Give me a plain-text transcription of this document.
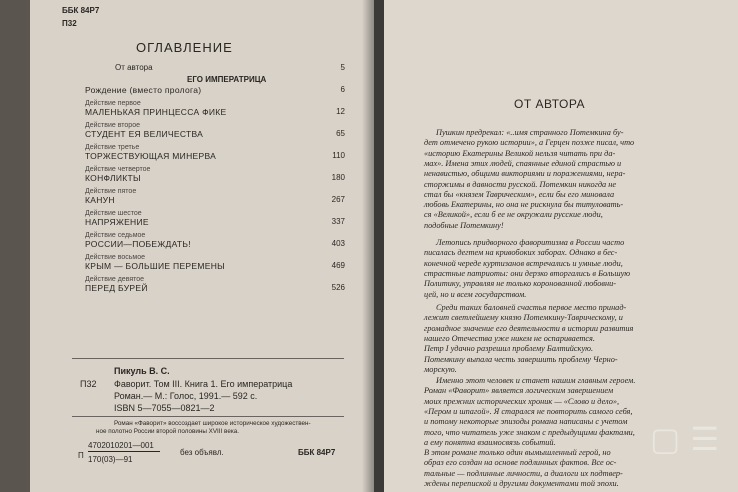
ББК 84Р7
П32
ОГЛАВЛЕНИЕ
От автора	5
ЕГО ИМПЕРАТРИЦА
Рождение (вместо пролога)	6
Действие первое
МАЛЕНЬКАЯ ПРИНЦЕССА ФИКЕ	12
Действие второе
СТУДЕНТ ЕЯ ВЕЛИЧЕСТВА	65
Действие третье
ТОРЖЕСТВУЮЩАЯ МИНЕРВА	110
Действие четвертое
КОНФЛИКТЫ	180
Действие пятое
КАНУН	267
Действие шестое
НАПРЯЖЕНИЕ	337
Действие седьмое
РОССИИ—ПОБЕЖДАТЬ!	403
Действие восьмое
КРЫМ — БОЛЬШИЕ ПЕРЕМЕНЫ	469
Действие девятое
ПЕРЕД БУРЕЙ	526
Пикуль В. С.
П32 Фаворит. Том III. Книга 1. Его императрица
Роман.— М.: Голос, 1991.— 592 с.
ISBN 5—7055—0821—2
Роман «Фаворит» воссоздает широкое историческое художествен-
ное полотно России второй половины XVIII века.
П
4702010201—001
170(03)—91
без объявл.	ББК 84Р7
ОТ АВТОРА
Пушкин предрекал: «..имя странного Потемкина бу-
дет отмечено рукою истории», а Герцен позже писал, что
«историю Екатерины Великой нельзя читать при да-
мах». Имена этих людей, спаянные единой страстью и
ненавистью, общими викториями и поражениями, нера-
сторжимы в давности русской. Потемкин никогда не
стал бы «князем Таврическим», если бы его миновала
любовь Екатерины, но она не рискнула бы титуловать-
ся «Великой», если б ее не окружали русские люди,
подобные Потемкину!
Летопись придворного фаворитизма в России часто
писалась дегтем на кривобоких заборах. Однако в бес-
конечной череде куртизанов встречались и умные люди,
страстные патриоты: они дерзко вторгались в Большую
Политику, управляя не только коронованной любовни-
цей, но и всем государством.
Среди таких баловней счастья первое место принад-
лежит светлейшему князю Потемкину-Таврическому, и
громадное значение его деятельности в истории развития
нашего Отечества уже никем не оспаривается.
Петр I удачно разрешил проблему Балтийскую.
Потемкину выпала честь завершить проблему Черно-
морскую.
Именно этот человек и станет нашим главным героем.
Роман «Фаворит» является логическим завершением
моих прежних исторических хроник — «Слово и дело»,
«Пером и шпагой». Я старался не повторить самого себя,
и потому некоторые эпизоды романа написаны с учетом
того, что читатель уже знаком с предыдущими фактами,
а ему понятна взаимосвязь событий.
В этом романе только один вымышленный герой, но
образ его создан на основе подлинных фактов. Все ос-
тальные — подлинные личности, а диалоги их подтвер-
ждены перепиской и другими документами той эпохи.
▢ ☰
